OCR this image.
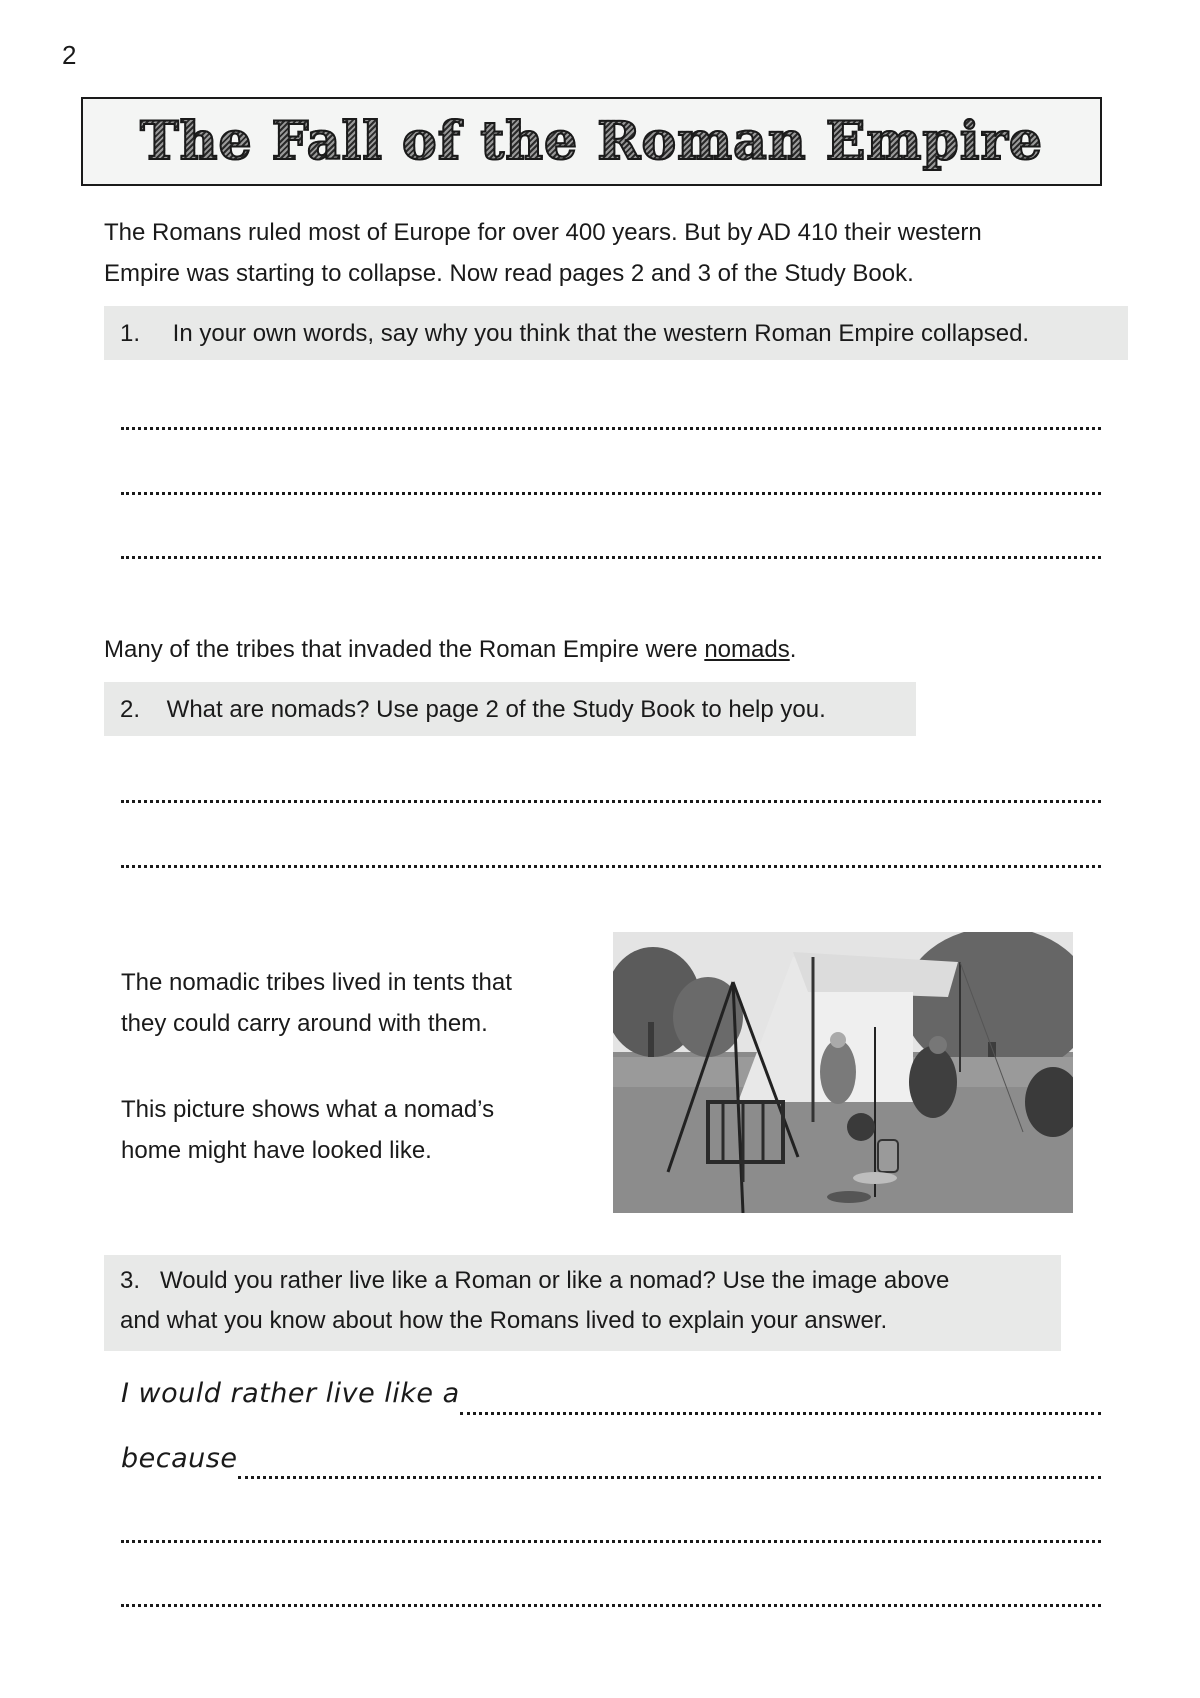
2
The Fall of the Roman Empire
The Romans ruled most of Europe for over 400 years. But by AD 410 their western
Empire was starting to collapse. Now read pages 2 and 3 of the Study Book.
1. In your own words, say why you think that the western Roman Empire collapsed.
Many of the tribes that invaded the Roman Empire were nomads.
2. What are nomads? Use page 2 of the Study Book to help you.
The nomadic tribes lived in tents that
they could carry around with them.
This picture shows what a nomad’s
home might have looked like.
3. Would you rather live like a Roman or like a nomad? Use the image above
and what you know about how the Romans lived to explain your answer.
I would rather live like a
because
